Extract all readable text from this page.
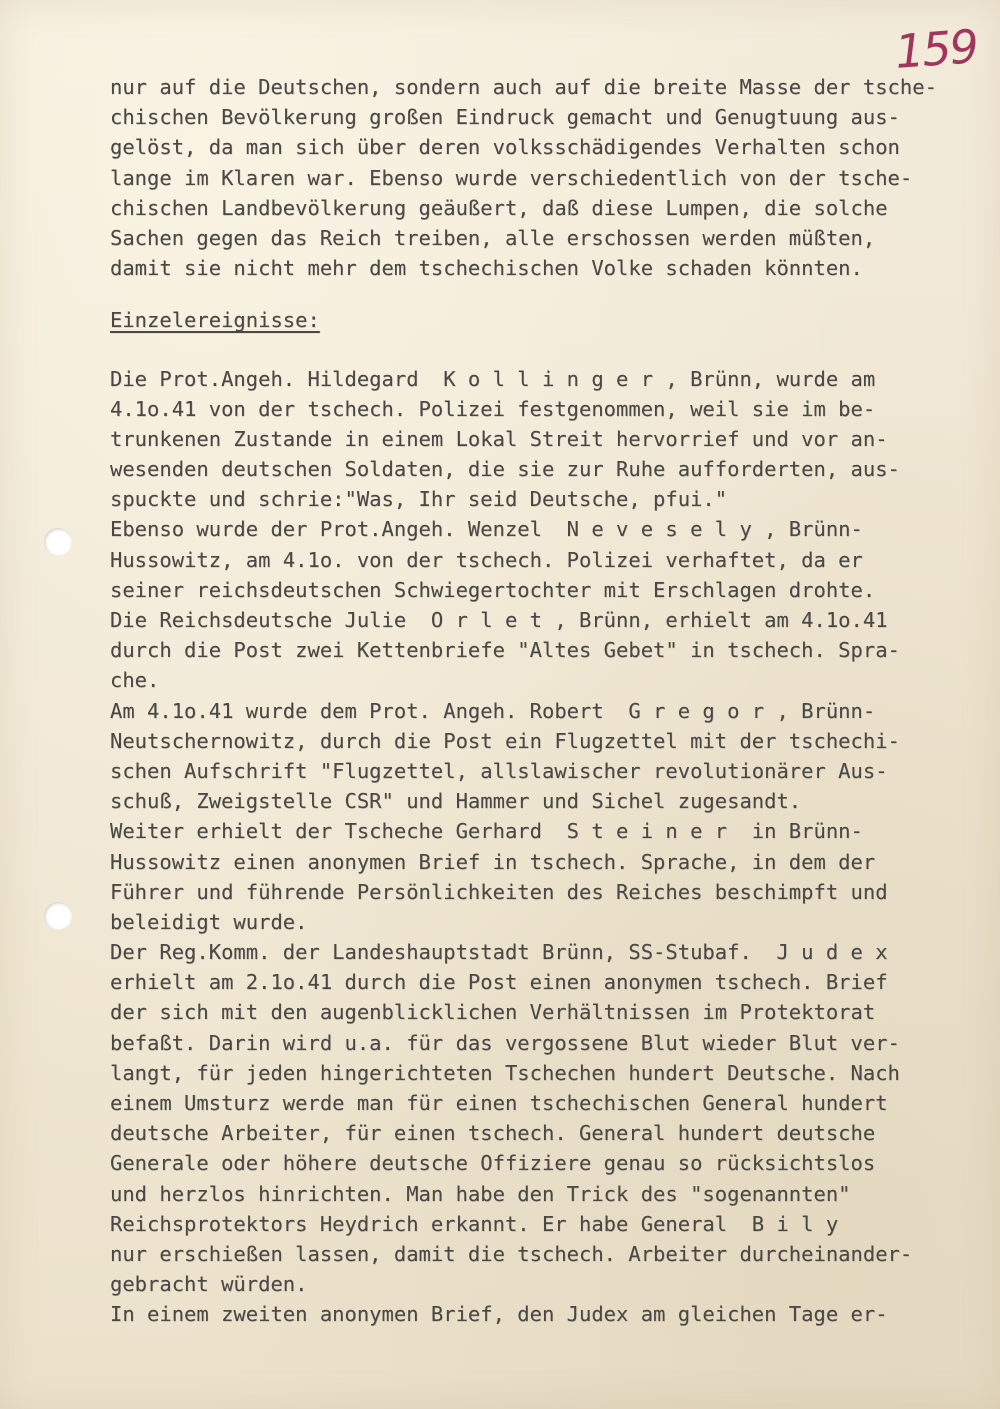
159
nur auf die Deutschen, sondern auch auf die breite Masse der tsche-
chischen Bevölkerung großen Eindruck gemacht und Genugtuung aus-
gelöst, da man sich über deren volksschädigendes Verhalten schon
lange im Klaren war. Ebenso wurde verschiedentlich von der tsche-
chischen Landbevölkerung geäußert, daß diese Lumpen, die solche
Sachen gegen das Reich treiben, alle erschossen werden müßten,
damit sie nicht mehr dem tschechischen Volke schaden könnten.
Einzelereignisse:
Die Prot.Angeh. Hildegard  K o l l i n g e r , Brünn, wurde am
4.1o.41 von der tschech. Polizei festgenommen, weil sie im be-
trunkenen Zustande in einem Lokal Streit hervorrief und vor an-
wesenden deutschen Soldaten, die sie zur Ruhe aufforderten, aus-
spuckte und schrie:"Was, Ihr seid Deutsche, pfui."
Ebenso wurde der Prot.Angeh. Wenzel  N e v e s e l y , Brünn-
Hussowitz, am 4.1o. von der tschech. Polizei verhaftet, da er
seiner reichsdeutschen Schwiegertochter mit Erschlagen drohte.
Die Reichsdeutsche Julie  O r l e t , Brünn, erhielt am 4.1o.41
durch die Post zwei Kettenbriefe "Altes Gebet" in tschech. Spra-
che.
Am 4.1o.41 wurde dem Prot. Angeh. Robert  G r e g o r , Brünn-
Neutschernowitz, durch die Post ein Flugzettel mit der tschechi-
schen Aufschrift "Flugzettel, allslawischer revolutionärer Aus-
schuß, Zweigstelle CSR" und Hammer und Sichel zugesandt.
Weiter erhielt der Tscheche Gerhard  S t e i n e r  in Brünn-
Hussowitz einen anonymen Brief in tschech. Sprache, in dem der
Führer und führende Persönlichkeiten des Reiches beschimpft und
beleidigt wurde.
Der Reg.Komm. der Landeshauptstadt Brünn, SS-Stubaf.  J u d e x
erhielt am 2.1o.41 durch die Post einen anonymen tschech. Brief
der sich mit den augenblicklichen Verhältnissen im Protektorat
befaßt. Darin wird u.a. für das vergossene Blut wieder Blut ver-
langt, für jeden hingerichteten Tschechen hundert Deutsche. Nach
einem Umsturz werde man für einen tschechischen General hundert
deutsche Arbeiter, für einen tschech. General hundert deutsche
Generale oder höhere deutsche Offiziere genau so rücksichtslos
und herzlos hinrichten. Man habe den Trick des "sogenannten"
Reichsprotektors Heydrich erkannt. Er habe General  B i l y
nur erschießen lassen, damit die tschech. Arbeiter durcheinander-
gebracht würden.
In einem zweiten anonymen Brief, den Judex am gleichen Tage er-
